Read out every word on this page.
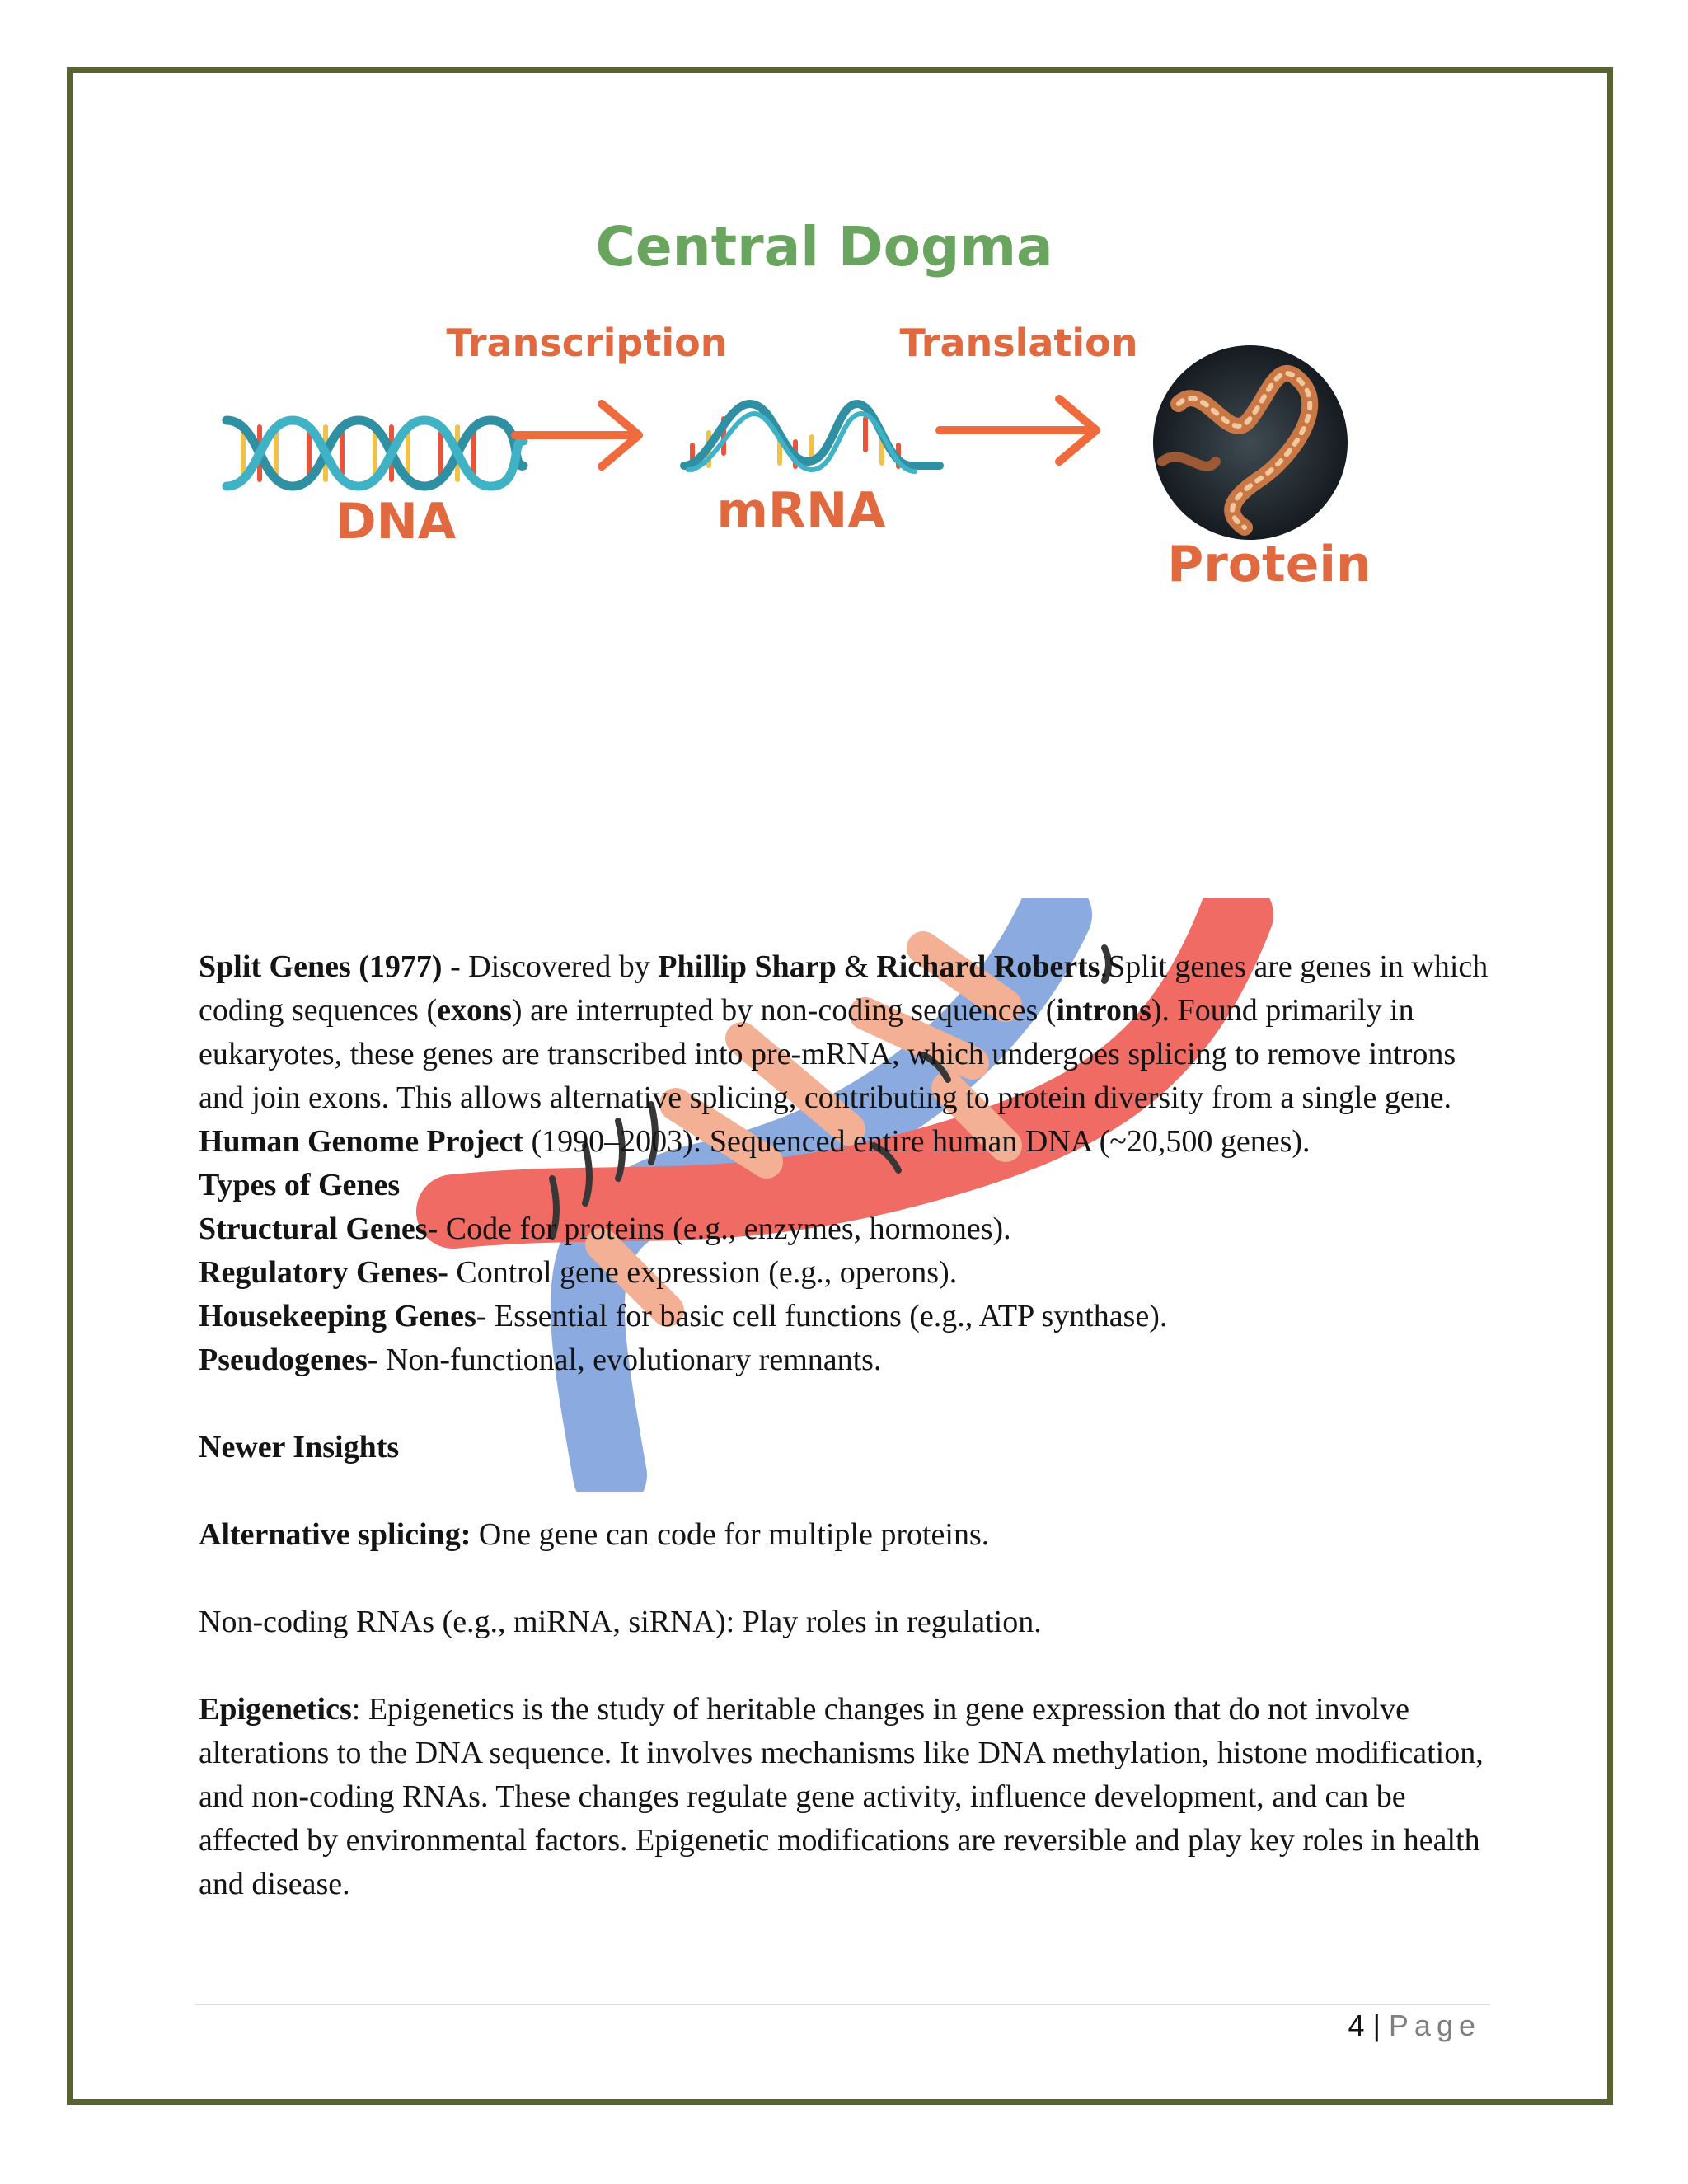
Central Dogma
Transcription	Translation
DNA	mRNA
Protein

Split Genes (1977) - Discovered by Phillip Sharp & Richard Roberts.Split genes are genes in which coding sequences (exons) are interrupted by non-coding sequences (introns). Found primarily in eukaryotes, these genes are transcribed into pre-mRNA, which undergoes splicing to remove introns and join exons. This allows alternative splicing, contributing to protein diversity from a single gene.

Human Genome Project (1990–2003): Sequenced entire human DNA (~20,500 genes).

Types of Genes

Structural Genes- Code for proteins (e.g., enzymes, hormones).

Regulatory Genes- Control gene expression (e.g., operons).

Housekeeping Genes- Essential for basic cell functions (e.g., ATP synthase).

Pseudogenes- Non-functional, evolutionary remnants.

Newer Insights

Alternative splicing: One gene can code for multiple proteins.

Non-coding RNAs (e.g., miRNA, siRNA): Play roles in regulation.

Epigenetics: Epigenetics is the study of heritable changes in gene expression that do not involve alterations to the DNA sequence. It involves mechanisms like DNA methylation, histone modification, and non-coding RNAs. These changes regulate gene activity, influence development, and can be affected by environmental factors. Epigenetic modifications are reversible and play key roles in health and disease.

4 | Page
